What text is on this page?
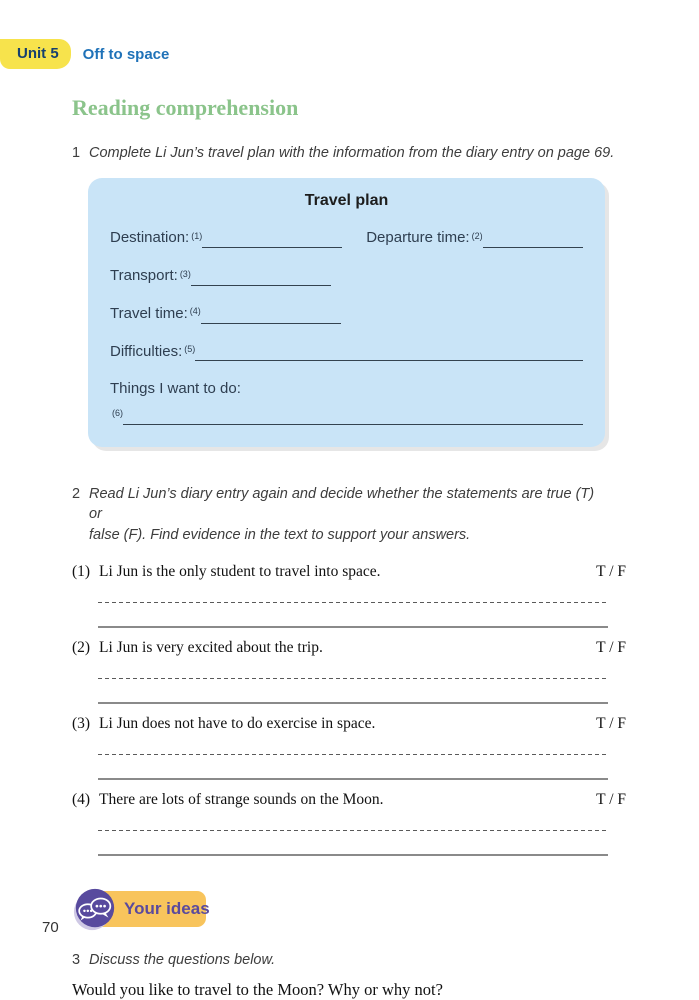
Unit 5	Off to space
Reading comprehension
1 Complete Li Jun’s travel plan with the information from the diary entry on page 69.
Travel plan
Destination:$^{(1)}$	Departure time:$^{(2)}$
Transport:$^{(3)}$
Travel time:$^{(4)}$
Difficulties:$^{(5)}$
Things I want to do:
$^{(6)}$
2 Read Li Jun’s diary entry again and decide whether the statements are true (T) or
false (F). Find evidence in the text to support your answers.
(1) Li Jun is the only student to travel into space.	T / F
(2) Li Jun is very excited about the trip.	T / F
(3) Li Jun does not have to do exercise in space.	T / F
(4) There are lots of strange sounds on the Moon.	T / F
Your ideas
3 Discuss the questions below.
Would you like to travel to the Moon? Why or why not?
70
